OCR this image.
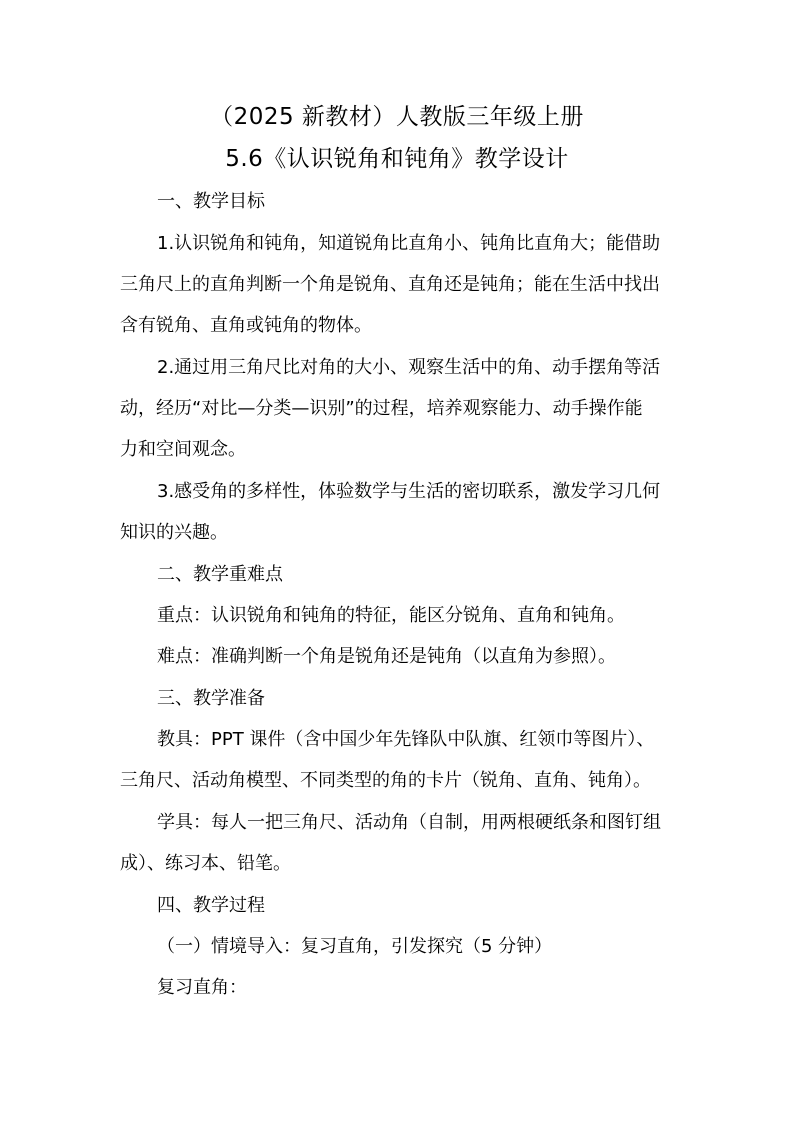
（2025 新教材）人教版三年级上册
5.6《认识锐角和钝角》教学设计
一、教学目标
1.认识锐角和钝角，知道锐角比直角小、钝角比直角大；能借助
三角尺上的直角判断一个角是锐角、直角还是钝角；能在生活中找出
含有锐角、直角或钝角的物体。
2.通过用三角尺比对角的大小、观察生活中的角、动手摆角等活
动，经历“对比—分类—识别”的过程，培养观察能力、动手操作能
力和空间观念。
3.感受角的多样性，体验数学与生活的密切联系，激发学习几何
知识的兴趣。
二、教学重难点
重点：认识锐角和钝角的特征，能区分锐角、直角和钝角。
难点：准确判断一个角是锐角还是钝角（以直角为参照）。
三、教学准备
教具：PPT 课件（含中国少年先锋队中队旗、红领巾等图片）、
三角尺、活动角模型、不同类型的角的卡片（锐角、直角、钝角）。
学具：每人一把三角尺、活动角（自制，用两根硬纸条和图钉组
成）、练习本、铅笔。
四、教学过程
（一）情境导入：复习直角，引发探究（5 分钟）
复习直角：
